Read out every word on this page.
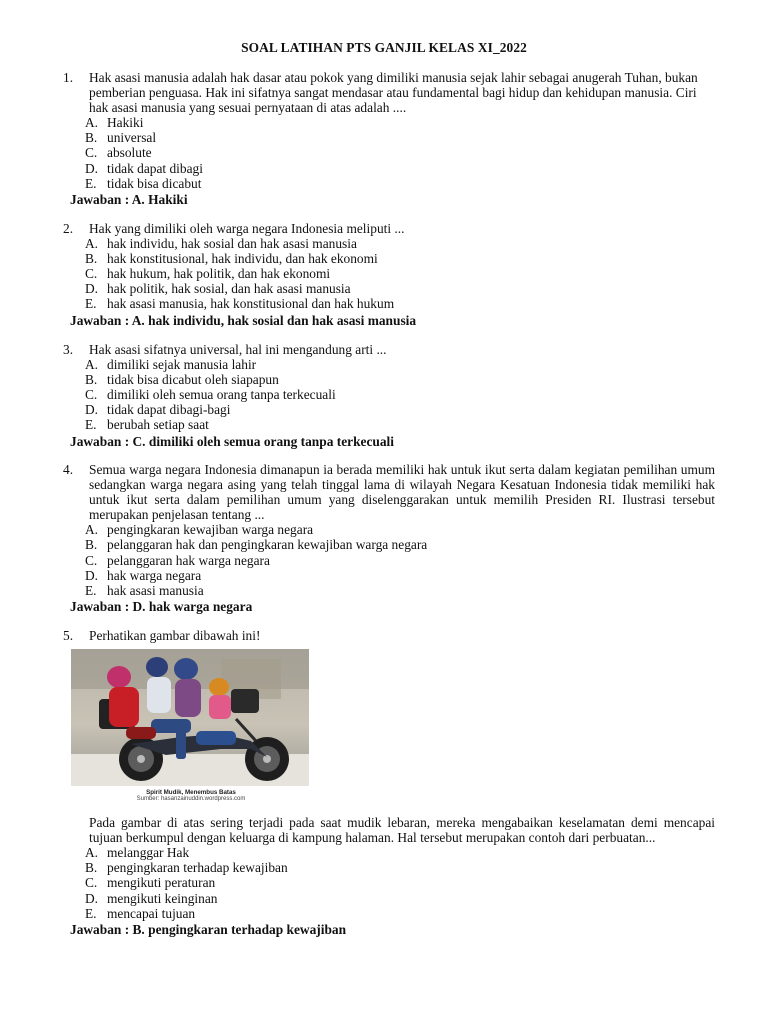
SOAL LATIHAN PTS GANJIL KELAS XI_2022
1.	Hak asasi manusia adalah hak dasar atau pokok yang dimiliki manusia sejak lahir sebagai anugerah Tuhan, bukan pemberian penguasa. Hak ini sifatnya sangat mendasar atau fundamental bagi hidup dan kehidupan manusia. Ciri hak asasi manusia yang sesuai pernyataan di atas adalah ....
A. Hakiki
B. universal
C. absolute
D. tidak dapat dibagi
E. tidak bisa dicabut
Jawaban : A. Hakiki
2.	Hak yang dimiliki oleh warga negara Indonesia meliputi ...
A. hak individu, hak sosial dan hak asasi manusia
B. hak konstitusional, hak individu, dan hak ekonomi
C. hak hukum, hak politik, dan hak ekonomi
D. hak politik, hak sosial, dan hak asasi manusia
E. hak asasi manusia, hak konstitusional dan hak hukum
Jawaban : A. hak individu, hak sosial dan hak asasi manusia
3.	Hak asasi sifatnya universal, hal ini mengandung arti ...
A. dimiliki sejak manusia lahir
B. tidak bisa dicabut oleh siapapun
C. dimiliki oleh semua orang tanpa terkecuali
D. tidak dapat dibagi-bagi
E. berubah setiap saat
Jawaban : C. dimiliki oleh semua orang tanpa terkecuali
4.	Semua warga negara Indonesia dimanapun ia berada memiliki hak untuk ikut serta dalam kegiatan pemilihan umum sedangkan warga negara asing yang telah tinggal lama di wilayah Negara Kesatuan Indonesia tidak memiliki hak untuk ikut serta dalam pemilihan umum yang diselenggarakan untuk memilih Presiden RI. Ilustrasi tersebut merupakan penjelasan tentang ...
A. pengingkaran kewajiban warga negara
B. pelanggaran hak dan pengingkaran kewajiban warga negara
C. pelanggaran hak warga negara
D. hak warga negara
E. hak asasi manusia
Jawaban : D. hak warga negara
5.	Perhatikan gambar dibawah ini!
Spirit Mudik, Menembus Batas
Sumber: hasanzainuddin.wordpress.com
Pada gambar di atas sering terjadi pada saat mudik lebaran, mereka mengabaikan keselamatan demi mencapai tujuan berkumpul dengan keluarga di kampung halaman. Hal tersebut merupakan contoh dari perbuatan...
A. melanggar Hak
B. pengingkaran terhadap kewajiban
C. mengikuti peraturan
D. mengikuti keinginan
E. mencapai tujuan
Jawaban : B. pengingkaran terhadap kewajiban
